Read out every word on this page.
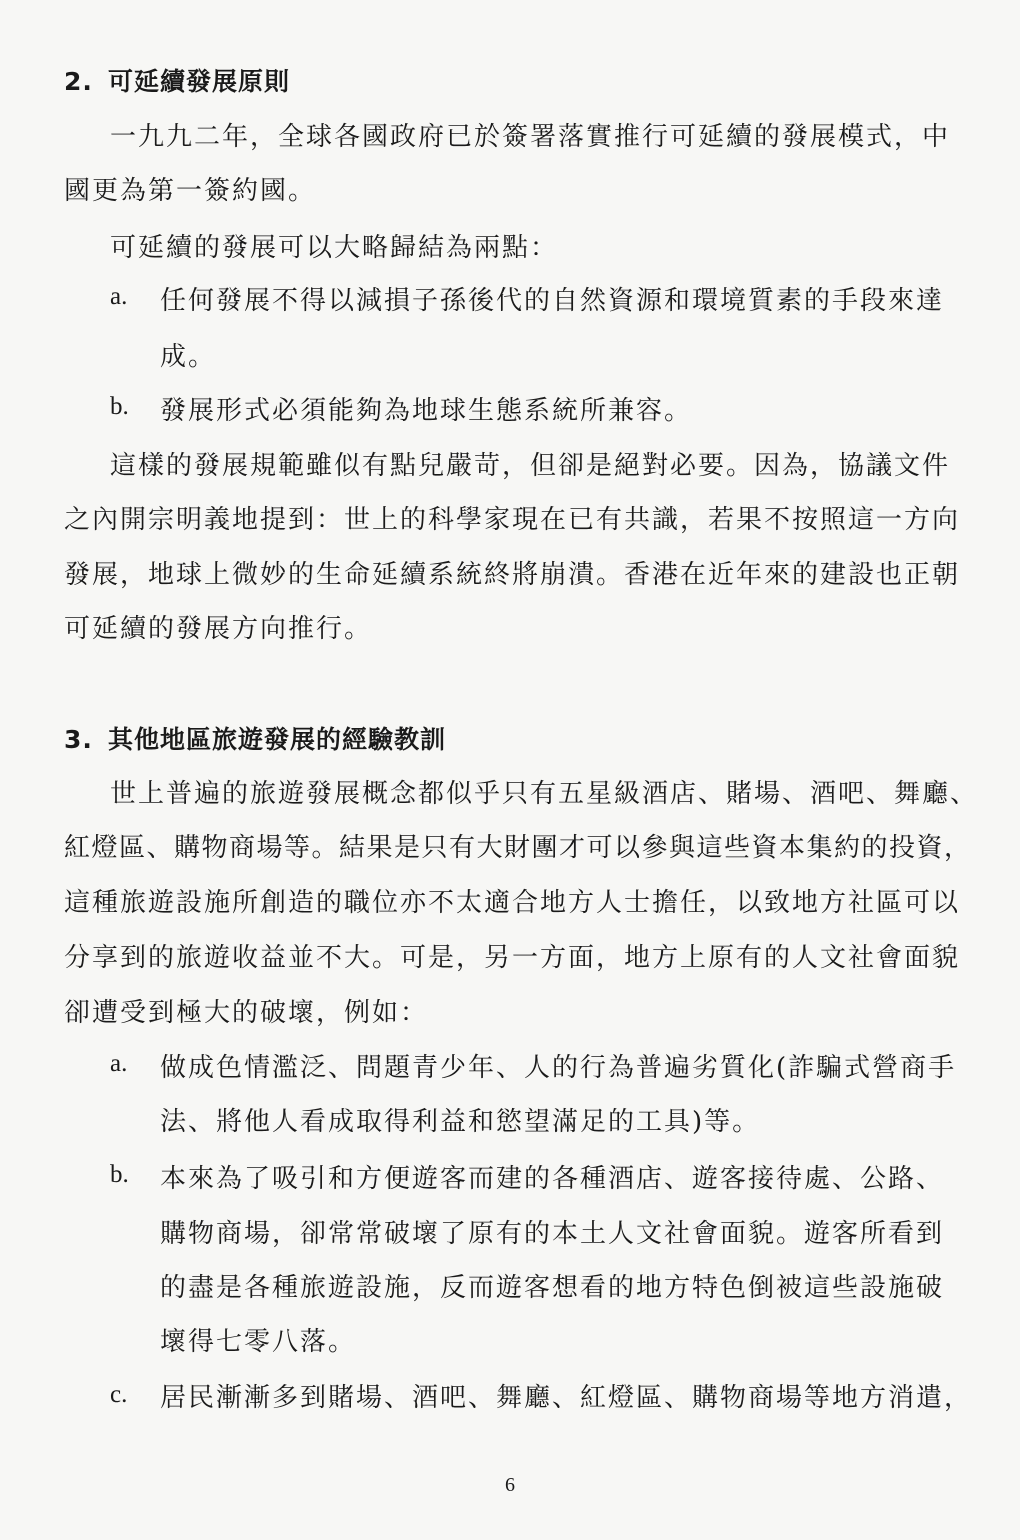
2. 可延續發展原則
一九九二年，全球各國政府已於簽署落實推行可延續的發展模式，中
國更為第一簽約國。
可延續的發展可以大略歸結為兩點：
a. 任何發展不得以減損子孫後代的自然資源和環境質素的手段來達
成。
b. 發展形式必須能夠為地球生態系統所兼容。
這樣的發展規範雖似有點兒嚴苛，但卻是絕對必要。因為，協議文件
之內開宗明義地提到：世上的科學家現在已有共識，若果不按照這一方向
發展，地球上微妙的生命延續系統終將崩潰。香港在近年來的建設也正朝
可延續的發展方向推行。
3. 其他地區旅遊發展的經驗教訓
世上普遍的旅遊發展概念都似乎只有五星級酒店、賭場、酒吧、舞廳、
紅燈區、購物商場等。結果是只有大財團才可以參與這些資本集約的投資，
這種旅遊設施所創造的職位亦不太適合地方人士擔任，以致地方社區可以
分享到的旅遊收益並不大。可是，另一方面，地方上原有的人文社會面貌
卻遭受到極大的破壞，例如：
a. 做成色情濫泛、問題青少年、人的行為普遍劣質化(詐騙式營商手
法、將他人看成取得利益和慾望滿足的工具)等。
b. 本來為了吸引和方便遊客而建的各種酒店、遊客接待處、公路、
購物商場，卻常常破壞了原有的本土人文社會面貌。遊客所看到
的盡是各種旅遊設施，反而遊客想看的地方特色倒被這些設施破
壞得七零八落。
c. 居民漸漸多到賭場、酒吧、舞廳、紅燈區、購物商場等地方消遣，
6
